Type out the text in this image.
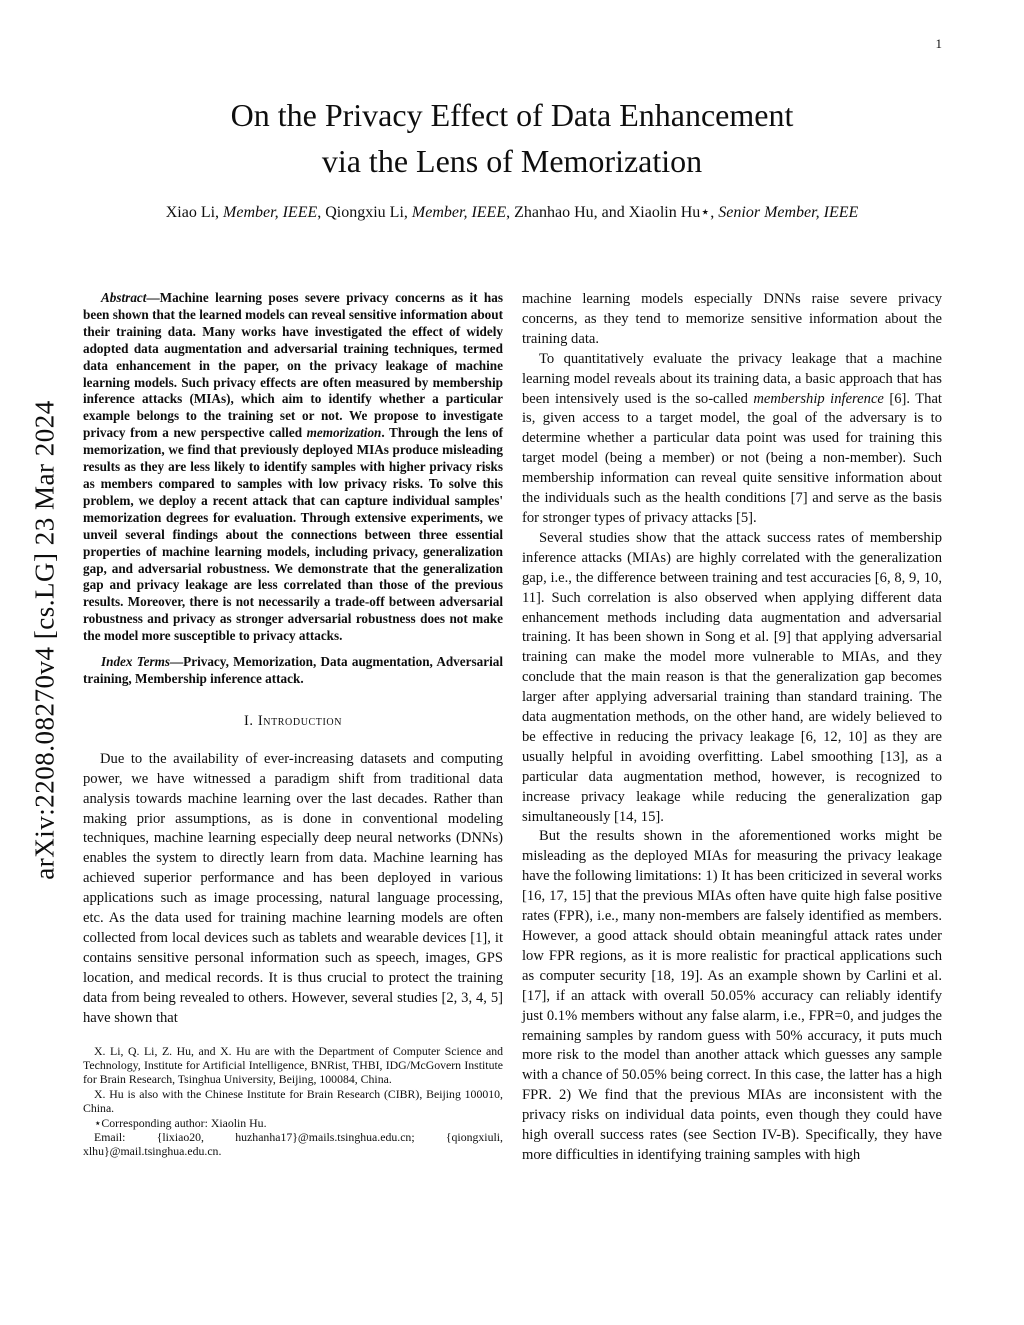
1
arXiv:2208.08270v4 [cs.LG] 23 Mar 2024
On the Privacy Effect of Data Enhancement
via the Lens of Memorization
Xiao Li, Member, IEEE, Qiongxiu Li, Member, IEEE, Zhanhao Hu, and Xiaolin Hu⋆, Senior Member, IEEE

Abstract—Machine learning poses severe privacy concerns as it has been shown that the learned models can reveal sensitive information about their training data. Many works have investigated the effect of widely adopted data augmentation and adversarial training techniques, termed data enhancement in the paper, on the privacy leakage of machine learning models. Such privacy effects are often measured by membership inference attacks (MIAs), which aim to identify whether a particular example belongs to the training set or not. We propose to investigate privacy from a new perspective called memorization. Through the lens of memorization, we find that previously deployed MIAs produce misleading results as they are less likely to identify samples with higher privacy risks as members compared to samples with low privacy risks. To solve this problem, we deploy a recent attack that can capture individual samples' memorization degrees for evaluation. Through extensive experiments, we unveil several findings about the connections between three essential properties of machine learning models, including privacy, generalization gap, and adversarial robustness. We demonstrate that the generalization gap and privacy leakage are less correlated than those of the previous results. Moreover, there is not necessarily a trade-off between adversarial robustness and privacy as stronger adversarial robustness does not make the model more susceptible to privacy attacks.

Index Terms—Privacy, Memorization, Data augmentation, Adversarial training, Membership inference attack.

I. Introduction

Due to the availability of ever-increasing datasets and computing power, we have witnessed a paradigm shift from traditional data analysis towards machine learning over the last decades. Rather than making prior assumptions, as is done in conventional modeling techniques, machine learning especially deep neural networks (DNNs) enables the system to directly learn from data. Machine learning has achieved superior performance and has been deployed in various applications such as image processing, natural language processing, etc. As the data used for training machine learning models are often collected from local devices such as tablets and wearable devices [1], it contains sensitive personal information such as speech, images, GPS location, and medical records. It is thus crucial to protect the training data from being revealed to others. However, several studies [2, 3, 4, 5] have shown that

X. Li, Q. Li, Z. Hu, and X. Hu are with the Department of Computer Science and Technology, Institute for Artificial Intelligence, BNRist, THBI, IDG/McGovern Institute for Brain Research, Tsinghua University, Beijing, 100084, China.

X. Hu is also with the Chinese Institute for Brain Research (CIBR), Beijing 100010, China.

⋆Corresponding author: Xiaolin Hu.

Email: {lixiao20, huzhanha17}@mails.tsinghua.edu.cn; {qiongxiuli, xlhu}@mail.tsinghua.edu.cn.

machine learning models especially DNNs raise severe privacy concerns, as they tend to memorize sensitive information about the training data.

To quantitatively evaluate the privacy leakage that a machine learning model reveals about its training data, a basic approach that has been intensively used is the so-called membership inference [6]. That is, given access to a target model, the goal of the adversary is to determine whether a particular data point was used for training this target model (being a member) or not (being a non-member). Such membership information can reveal quite sensitive information about the individuals such as the health conditions [7] and serve as the basis for stronger types of privacy attacks [5].

Several studies show that the attack success rates of membership inference attacks (MIAs) are highly correlated with the generalization gap, i.e., the difference between training and test accuracies [6, 8, 9, 10, 11]. Such correlation is also observed when applying different data enhancement methods including data augmentation and adversarial training. It has been shown in Song et al. [9] that applying adversarial training can make the model more vulnerable to MIAs, and they conclude that the main reason is that the generalization gap becomes larger after applying adversarial training than standard training. The data augmentation methods, on the other hand, are widely believed to be effective in reducing the privacy leakage [6, 12, 10] as they are usually helpful in avoiding overfitting. Label smoothing [13], as a particular data augmentation method, however, is recognized to increase privacy leakage while reducing the generalization gap simultaneously [14, 15].

But the results shown in the aforementioned works might be misleading as the deployed MIAs for measuring the privacy leakage have the following limitations: 1) It has been criticized in several works [16, 17, 15] that the previous MIAs often have quite high false positive rates (FPR), i.e., many non-members are falsely identified as members. However, a good attack should obtain meaningful attack rates under low FPR regions, as it is more realistic for practical applications such as computer security [18, 19]. As an example shown by Carlini et al. [17], if an attack with overall 50.05% accuracy can reliably identify just 0.1% members without any false alarm, i.e., FPR=0, and judges the remaining samples by random guess with 50% accuracy, it puts much more risk to the model than another attack which guesses any sample with a chance of 50.05% being correct. In this case, the latter has a high FPR. 2) We find that the previous MIAs are inconsistent with the privacy risks on individual data points, even though they could have high overall success rates (see Section IV-B). Specifically, they have more difficulties in identifying training samples with high
